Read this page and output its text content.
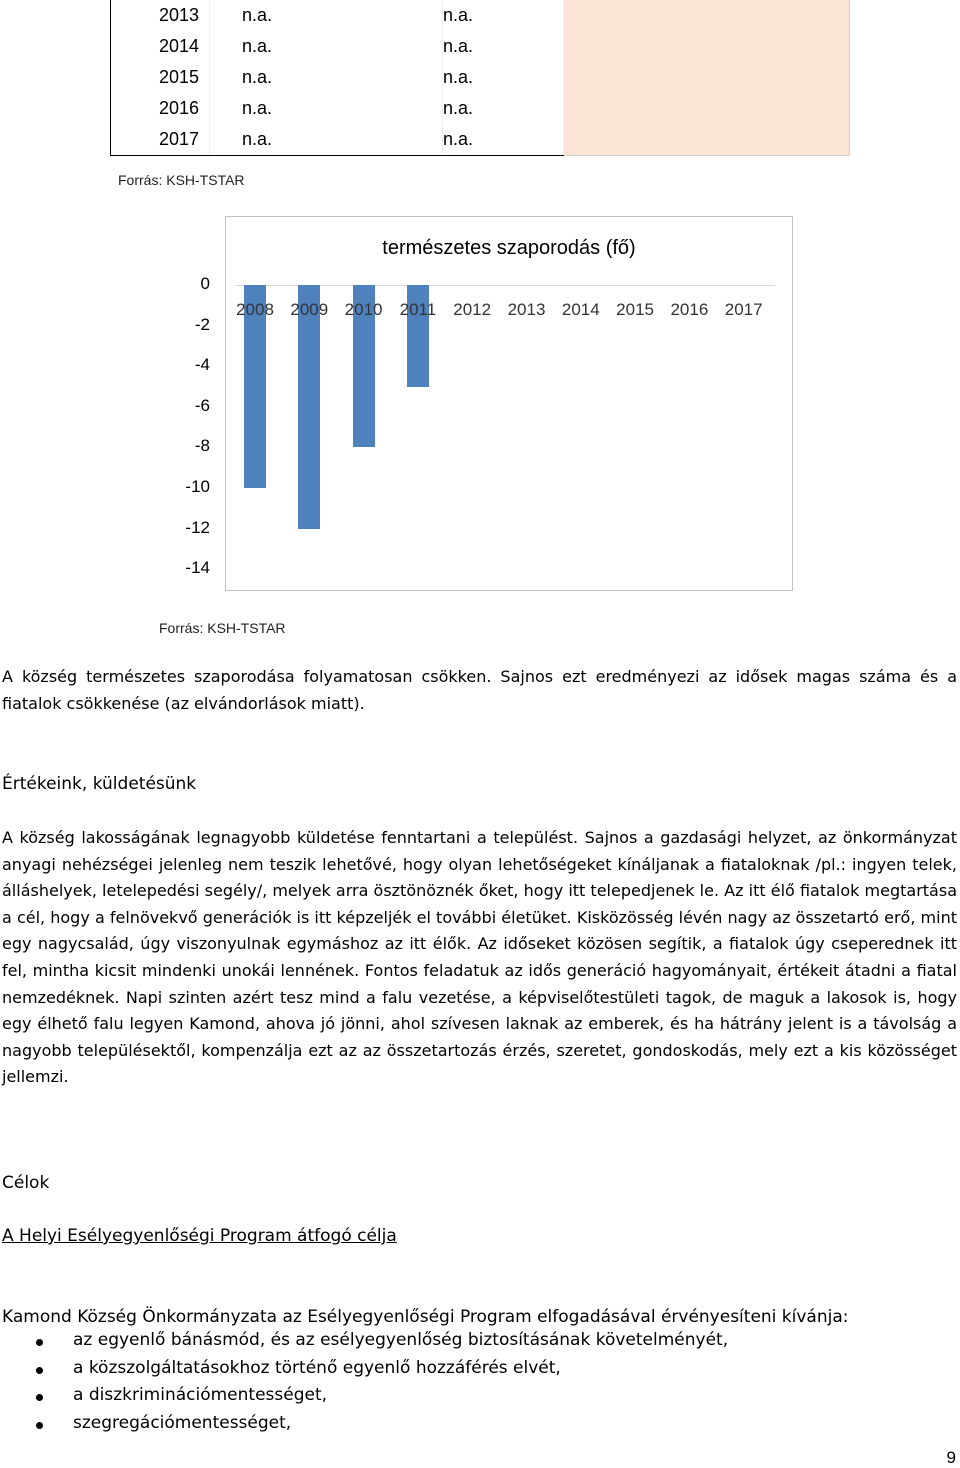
2013	n.a.	n.a.	
2014	n.a.	n.a.	
2015	n.a.	n.a.	
2016	n.a.	n.a.	
2017	n.a.	n.a.	
Forrás: KSH-TSTAR
természetes szaporodás (fő)
0
-2
-4
-6
-8
-10
-12
-14
2008 2009 2010	2011	2012 2013 2014 2015 2016 2017
Forrás: KSH-TSTAR
A község természetes szaporodása folyamatosan csökken. Sajnos ezt eredményezi az idősek magas száma és a fiatalok csökkenése (az elvándorlások miatt).
Értékeink, küldetésünk
A község lakosságának legnagyobb küldetése fenntartani a települést. Sajnos a gazdasági helyzet, az önkormányzat anyagi nehézségei jelenleg nem teszik lehetővé, hogy olyan lehetőségeket kínáljanak a fiataloknak /pl.: ingyen telek, álláshelyek, letelepedési segély/, melyek arra ösztönöznék őket, hogy itt telepedjenek le. Az itt élő fiatalok megtartása a cél, hogy a felnövekvő generációk is itt képzeljék el további életüket. Kisközösség lévén nagy az összetartó erő, mint egy nagycsalád, úgy viszonyulnak egymáshoz az itt élők. Az időseket közösen segítik, a fiatalok úgy cseperednek itt fel, mintha kicsit mindenki unokái lennének. Fontos feladatuk az idős generáció hagyományait, értékeit átadni a fiatal nemzedéknek. Napi szinten azért tesz mind a falu vezetése, a képviselőtestületi tagok, de maguk a lakosok is, hogy egy élhető falu legyen Kamond, ahova jó jönni, ahol szívesen laknak az emberek, és ha hátrány jelent is a távolság a nagyobb településektől, kompenzálja ezt az az összetartozás érzés, szeretet, gondoskodás, mely ezt a kis közösséget jellemzi.
Célok
A Helyi Esélyegyenlőségi Program átfogó célja
Kamond Község Önkormányzata az Esélyegyenlőségi Program elfogadásával érvényesíteni kívánja:
az egyenlő bánásmód, és az esélyegyenlőség biztosításának követelményét,
a közszolgáltatásokhoz történő egyenlő hozzáférés elvét,
a diszkriminációmentességet,
szegregációmentességet,
9
